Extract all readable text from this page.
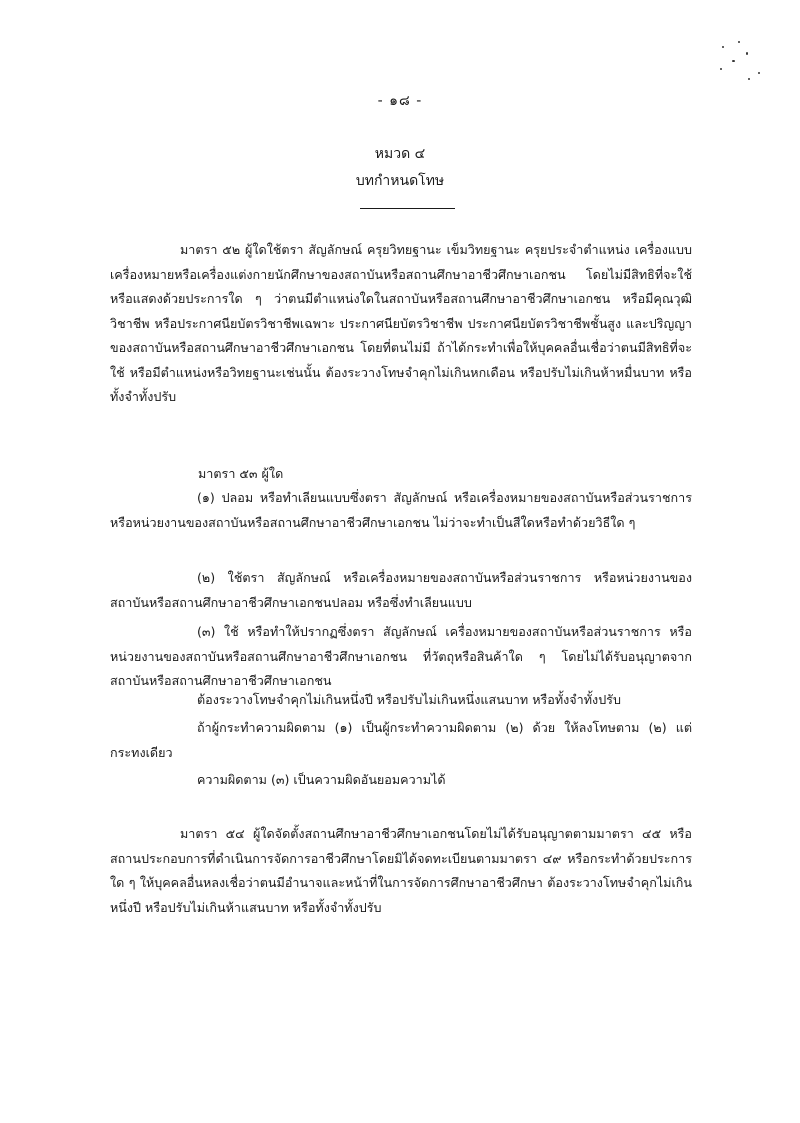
- ๑๘ -
หมวด ๔
บทกำหนดโทษ

มาตรา ๕๒ ผู้ใดใช้ตรา สัญลักษณ์ ครุยวิทยฐานะ เข็มวิทยฐานะ ครุยประจำตำแหน่ง เครื่องแบบ เครื่องหมายหรือเครื่องแต่งกายนักศึกษาของสถาบันหรือสถานศึกษาอาชีวศึกษาเอกชน โดยไม่มีสิทธิที่จะใช้หรือแสดงด้วยประการใด ๆ ว่าตนมีตำแหน่งใดในสถาบันหรือสถานศึกษาอาชีวศึกษาเอกชน หรือมีคุณวุฒิวิชาชีพ หรือประกาศนียบัตรวิชาชีพเฉพาะ ประกาศนียบัตรวิชาชีพ ประกาศนียบัตรวิชาชีพชั้นสูง และปริญญาของสถาบันหรือสถานศึกษาอาชีวศึกษาเอกชน โดยที่ตนไม่มี ถ้าได้กระทำเพื่อให้บุคคลอื่นเชื่อว่าตนมีสิทธิที่จะใช้ หรือมีตำแหน่งหรือวิทยฐานะเช่นนั้น ต้องระวางโทษจำคุกไม่เกินหกเดือน หรือปรับไม่เกินห้าหมื่นบาท หรือทั้งจำทั้งปรับ

มาตรา ๕๓ ผู้ใด

(๑) ปลอม หรือทำเลียนแบบซึ่งตรา สัญลักษณ์ หรือเครื่องหมายของสถาบันหรือส่วนราชการ หรือหน่วยงานของสถาบันหรือสถานศึกษาอาชีวศึกษาเอกชน ไม่ว่าจะทำเป็นสีใดหรือทำด้วยวิธีใด ๆ

(๒) ใช้ตรา สัญลักษณ์ หรือเครื่องหมายของสถาบันหรือส่วนราชการ หรือหน่วยงานของสถาบันหรือสถานศึกษาอาชีวศึกษาเอกชนปลอม หรือซึ่งทำเลียนแบบ

(๓) ใช้ หรือทำให้ปรากฏซึ่งตรา สัญลักษณ์ เครื่องหมายของสถาบันหรือส่วนราชการ หรือหน่วยงานของสถาบันหรือสถานศึกษาอาชีวศึกษาเอกชน ที่วัตถุหรือสินค้าใด ๆ โดยไม่ได้รับอนุญาตจากสถาบันหรือสถานศึกษาอาชีวศึกษาเอกชน

ต้องระวางโทษจำคุกไม่เกินหนึ่งปี หรือปรับไม่เกินหนึ่งแสนบาท หรือทั้งจำทั้งปรับ

ถ้าผู้กระทำความผิดตาม (๑) เป็นผู้กระทำความผิดตาม (๒) ด้วย ให้ลงโทษตาม (๒) แต่กระทงเดียว

ความผิดตาม (๓) เป็นความผิดอันยอมความได้

มาตรา ๕๔ ผู้ใดจัดตั้งสถานศึกษาอาชีวศึกษาเอกชนโดยไม่ได้รับอนุญาตตามมาตรา ๔๕ หรือสถานประกอบการที่ดำเนินการจัดการอาชีวศึกษาโดยมิได้จดทะเบียนตามมาตรา ๔๙ หรือกระทำด้วยประการใด ๆ ให้บุคคลอื่นหลงเชื่อว่าตนมีอำนาจและหน้าที่ในการจัดการศึกษาอาชีวศึกษา ต้องระวางโทษจำคุกไม่เกินหนึ่งปี หรือปรับไม่เกินห้าแสนบาท หรือทั้งจำทั้งปรับ
